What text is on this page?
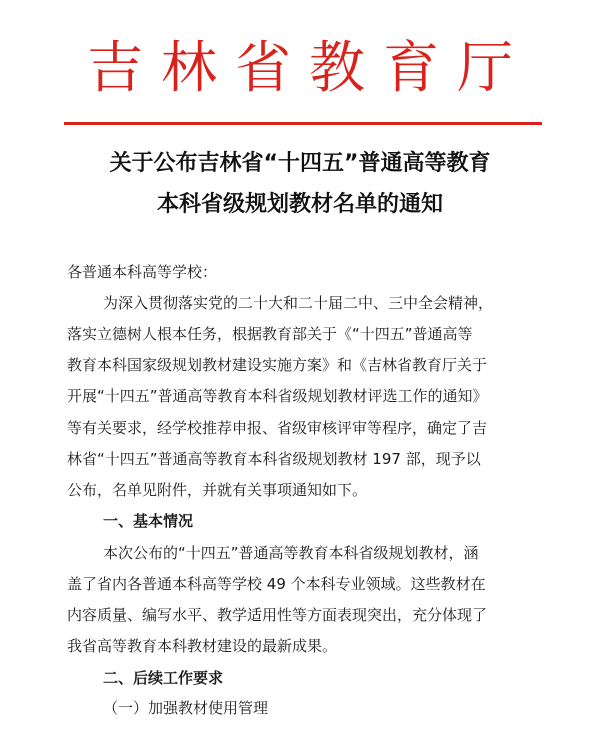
吉林省教育厅
关于公布吉林省“十四五”普通高等教育
本科省级规划教材名单的通知
各普通本科高等学校：
为深入贯彻落实党的二十大和二十届二中、三中全会精神，
落实立德树人根本任务，根据教育部关于《“十四五”普通高等
教育本科国家级规划教材建设实施方案》和《吉林省教育厅关于
开展“十四五”普通高等教育本科省级规划教材评选工作的通知》
等有关要求，经学校推荐申报、省级审核评审等程序，确定了吉
林省“十四五”普通高等教育本科省级规划教材 197 部，现予以
公布，名单见附件，并就有关事项通知如下。
一、基本情况
本次公布的“十四五”普通高等教育本科省级规划教材，涵
盖了省内各普通本科高等学校 49 个本科专业领域。这些教材在
内容质量、编写水平、教学适用性等方面表现突出，充分体现了
我省高等教育本科教材建设的最新成果。
二、后续工作要求
（一）加强教材使用管理
